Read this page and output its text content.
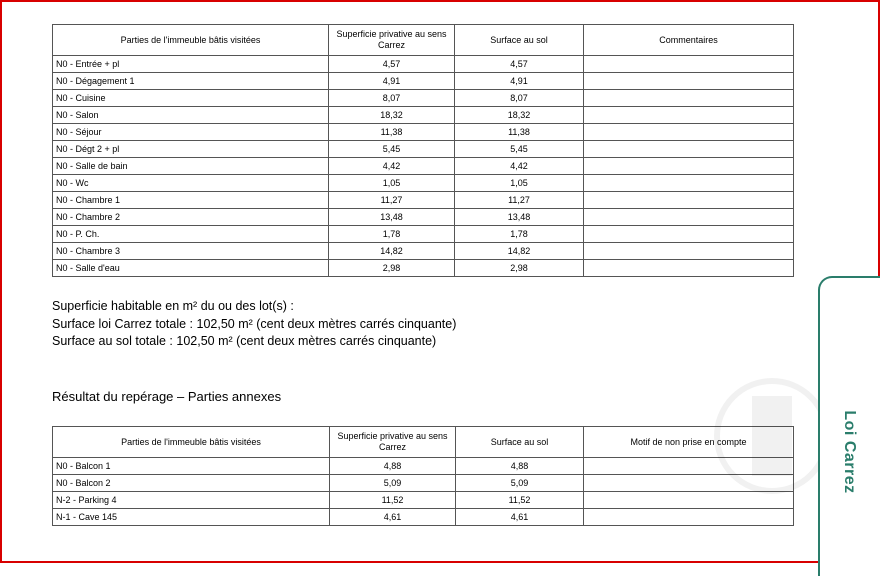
Parties de l'immeuble bâtis visitées	Superficie privative au sens Carrez	Surface au sol	Commentaires
N0 - Entrée + pl	4,57	4,57	
N0 - Dégagement 1	4,91	4,91	
N0 - Cuisine	8,07	8,07	
N0 - Salon	18,32	18,32	
N0 - Séjour	11,38	11,38	
N0 - Dégt 2 + pl	5,45	5,45	
N0 - Salle de bain	4,42	4,42	
N0 - Wc	1,05	1,05	
N0 - Chambre 1	11,27	11,27	
N0 - Chambre 2	13,48	13,48	
N0 - P. Ch.	1,78	1,78	
N0 - Chambre 3	14,82	14,82	
N0 - Salle d'eau	2,98	2,98	
Superficie habitable en m² du ou des lot(s) :
Surface loi Carrez totale : 102,50 m² (cent deux mètres carrés cinquante)
Surface au sol totale : 102,50 m² (cent deux mètres carrés cinquante)
Résultat du repérage – Parties annexes
Parties de l'immeuble bâtis visitées	Superficie privative au sens Carrez	Surface au sol	Motif de non prise en compte
N0 - Balcon 1	4,88	4,88	
N0 - Balcon 2	5,09	5,09	
N-2 - Parking 4	11,52	11,52	
N-1 - Cave 145	4,61	4,61	
Loi Carrez
